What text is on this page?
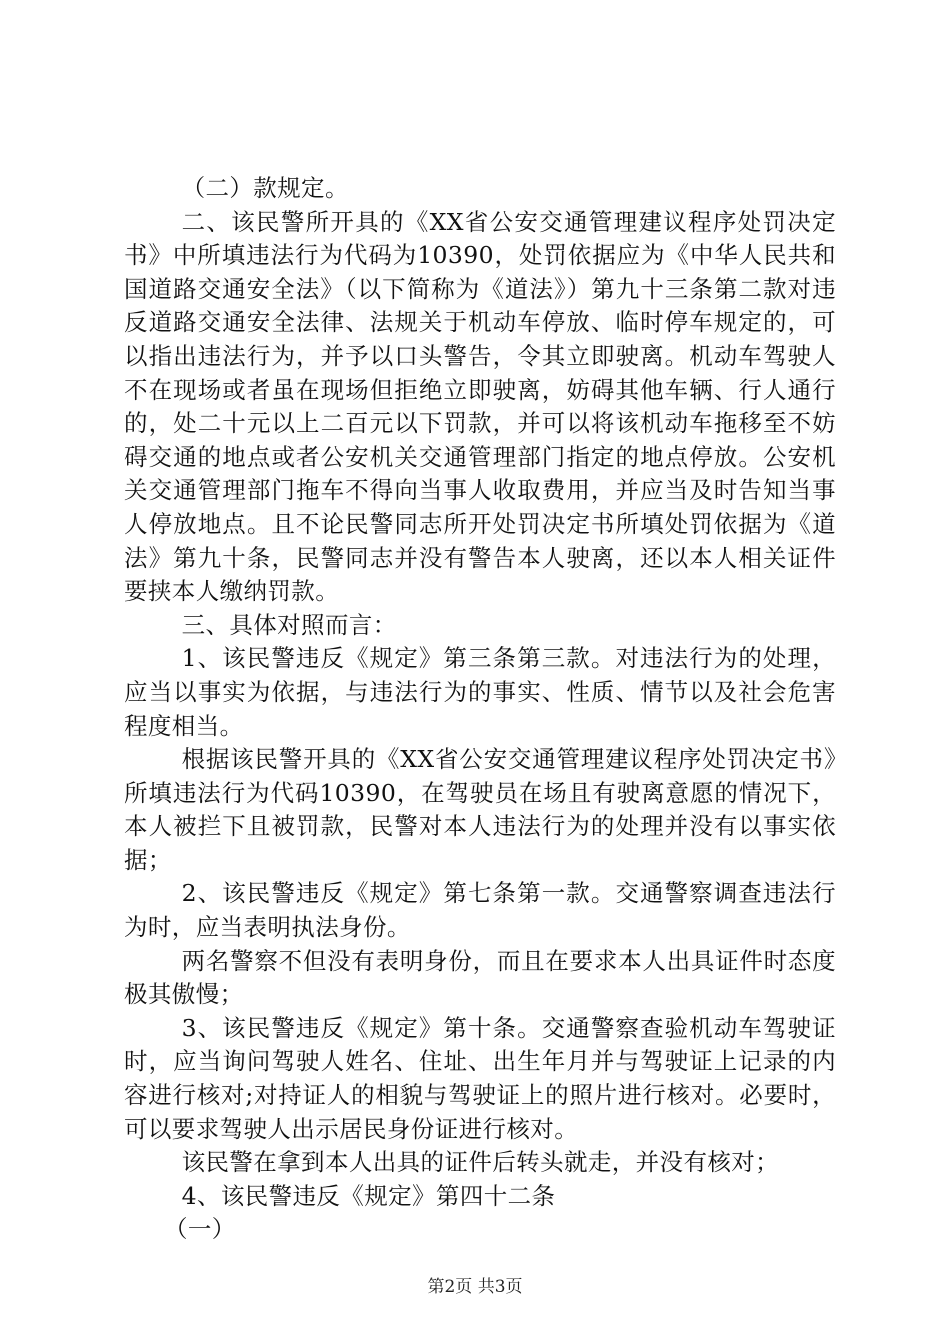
（二）款规定。

二、该民警所开具的《XX省公安交通管理建议程序处罚决定书》中所填违法行为代码为10390，处罚依据应为《中华人民共和国道路交通安全法》（以下简称为《道法》）第九十三条第二款对违反道路交通安全法律、法规关于机动车停放、临时停车规定的，可以指出违法行为，并予以口头警告，令其立即驶离。机动车驾驶人不在现场或者虽在现场但拒绝立即驶离，妨碍其他车辆、行人通行的，处二十元以上二百元以下罚款，并可以将该机动车拖移至不妨碍交通的地点或者公安机关交通管理部门指定的地点停放。公安机关交通管理部门拖车不得向当事人收取费用，并应当及时告知当事人停放地点。且不论民警同志所开处罚决定书所填处罚依据为《道法》第九十条，民警同志并没有警告本人驶离，还以本人相关证件要挟本人缴纳罚款。

三、具体对照而言：

1、该民警违反《规定》第三条第三款。对违法行为的处理，应当以事实为依据，与违法行为的事实、性质、情节以及社会危害程度相当。

根据该民警开具的《XX省公安交通管理建议程序处罚决定书》所填违法行为代码10390，在驾驶员在场且有驶离意愿的情况下，本人被拦下且被罚款，民警对本人违法行为的处理并没有以事实依据；

2、该民警违反《规定》第七条第一款。交通警察调查违法行为时，应当表明执法身份。

两名警察不但没有表明身份，而且在要求本人出具证件时态度极其傲慢；

3、该民警违反《规定》第十条。交通警察查验机动车驾驶证时，应当询问驾驶人姓名、住址、出生年月并与驾驶证上记录的内容进行核对;对持证人的相貌与驾驶证上的照片进行核对。必要时，可以要求驾驶人出示居民身份证进行核对。

该民警在拿到本人出具的证件后转头就走，并没有核对；

4、该民警违反《规定》第四十二条

（一）

第2页 共3页
